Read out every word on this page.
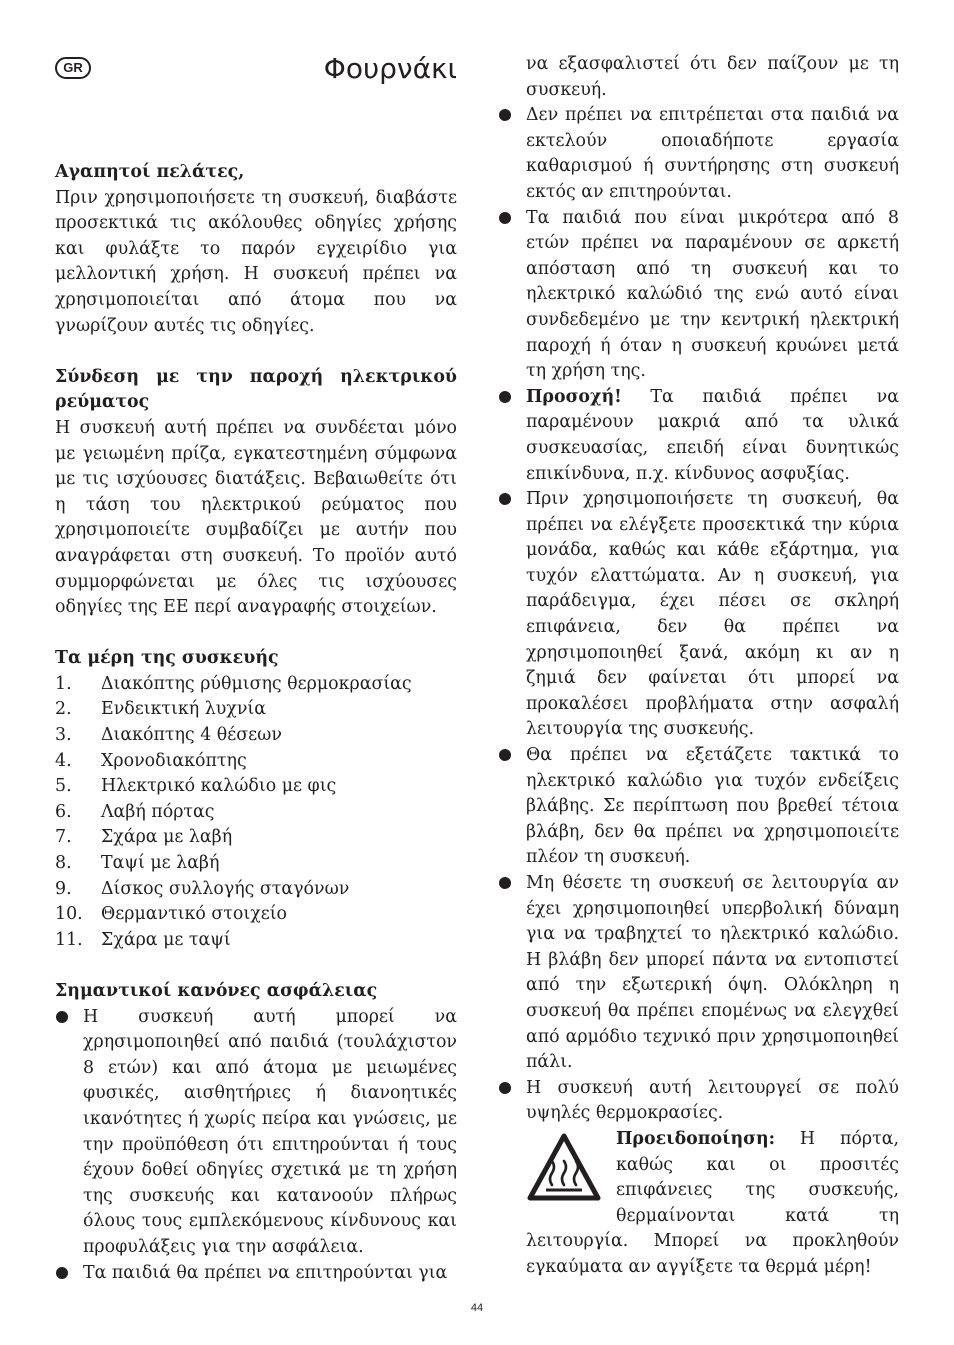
GR	Φουρνάκι

Αγαπητοί πελάτες,

Πριν χρησιμοποιήσετε τη συσκευή, διαβάστε προσεκτικά τις ακόλουθες οδηγίες χρήσης και φυλάξτε το παρόν εγχειρίδιο για μελλοντική χρήση. Η συσκευή πρέπει να χρησιμοποιείται από άτομα που να γνωρίζουν αυτές τις οδηγίες.

Σύνδεση με την παροχή ηλεκτρικού ρεύματος

Η συσκευή αυτή πρέπει να συνδέεται μόνο με γειωμένη πρίζα, εγκατεστημένη σύμφωνα με τις ισχύουσες διατάξεις. Βεβαιωθείτε ότι η τάση του ηλεκτρικού ρεύματος που χρησιμοποιείτε συμβαδίζει με αυτήν που αναγράφεται στη συσκευή. Το προϊόν αυτό συμμορφώνεται με όλες τις ισχύουσες οδηγίες της ΕΕ περί αναγραφής στοιχείων.

Τα μέρη της συσκευής

1.	Διακόπτης ρύθμισης θερμοκρασίας
2.	Ενδεικτική λυχνία
3.	Διακόπτης 4 θέσεων
4.	Χρονοδιακόπτης
5.	Ηλεκτρικό καλώδιο με φις
6.	Λαβή πόρτας
7.	Σχάρα με λαβή
8.	Ταψί με λαβή
9.	Δίσκος συλλογής σταγόνων
10.	Θερμαντικό στοιχείο
11.	Σχάρα με ταψί

Σημαντικοί κανόνες ασφάλειας

Η συσκευή αυτή μπορεί να χρησιμοποιηθεί από παιδιά (τουλάχιστον 8 ετών) και από άτομα με μειωμένες φυσικές, αισθητήριες ή διανοητικές ικανότητες ή χωρίς πείρα και γνώσεις, με την προϋπόθεση ότι επιτηρούνται ή τους έχουν δοθεί οδηγίες σχετικά με τη χρήση της συσκευής και κατανοούν πλήρως όλους τους εμπλεκόμενους κίνδυνους και προφυλάξεις για την ασφάλεια.
Τα παιδιά θα πρέπει να επιτηρούνται για

να εξασφαλιστεί ότι δεν παίζουν με τη συσκευή.

Δεν πρέπει να επιτρέπεται στα παιδιά να εκτελούν οποιαδήποτε εργασία καθαρισμού ή συντήρησης στη συσκευή εκτός αν επιτηρούνται.
Τα παιδιά που είναι μικρότερα από 8 ετών πρέπει να παραμένουν σε αρκετή απόσταση από τη συσκευή και το ηλεκτρικό καλώδιό της ενώ αυτό είναι συνδεδεμένο με την κεντρική ηλεκτρική παροχή ή όταν η συσκευή κρυώνει μετά τη χρήση της.
Προσοχή! Τα παιδιά πρέπει να παραμένουν μακριά από τα υλικά συσκευασίας, επειδή είναι δυνητικώς επικίνδυνα, π.χ. κίνδυνος ασφυξίας.
Πριν χρησιμοποιήσετε τη συσκευή, θα πρέπει να ελέγξετε προσεκτικά την κύρια μονάδα, καθώς και κάθε εξάρτημα, για τυχόν ελαττώματα. Αν η συσκευή, για παράδειγμα, έχει πέσει σε σκληρή επιφάνεια, δεν θα πρέπει να χρησιμοποιηθεί ξανά, ακόμη κι αν η ζημιά δεν φαίνεται ότι μπορεί να προκαλέσει προβλήματα στην ασφαλή λειτουργία της συσκευής.
Θα πρέπει να εξετάζετε τακτικά το ηλεκτρικό καλώδιο για τυχόν ενδείξεις βλάβης. Σε περίπτωση που βρεθεί τέτοια βλάβη, δεν θα πρέπει να χρησιμοποιείτε πλέον τη συσκευή.
Μη θέσετε τη συσκευή σε λειτουργία αν έχει χρησιμοποιηθεί υπερβολική δύναμη για να τραβηχτεί το ηλεκτρικό καλώδιο. Η βλάβη δεν μπορεί πάντα να εντοπιστεί από την εξωτερική όψη. Ολόκληρη η συσκευή θα πρέπει επομένως να ελεγχθεί από αρμόδιο τεχνικό πριν χρησιμοποιηθεί πάλι.
Η συσκευή αυτή λειτουργεί σε πολύ υψηλές θερμοκρασίες.

Προειδοποίηση: Η πόρτα, καθώς και οι προσιτές επιφάνειες της συσκευής, θερμαίνονται κατά τη λειτουργία. Μπορεί να προκληθούν εγκαύματα αν αγγίξετε τα θερμά μέρη!

44
